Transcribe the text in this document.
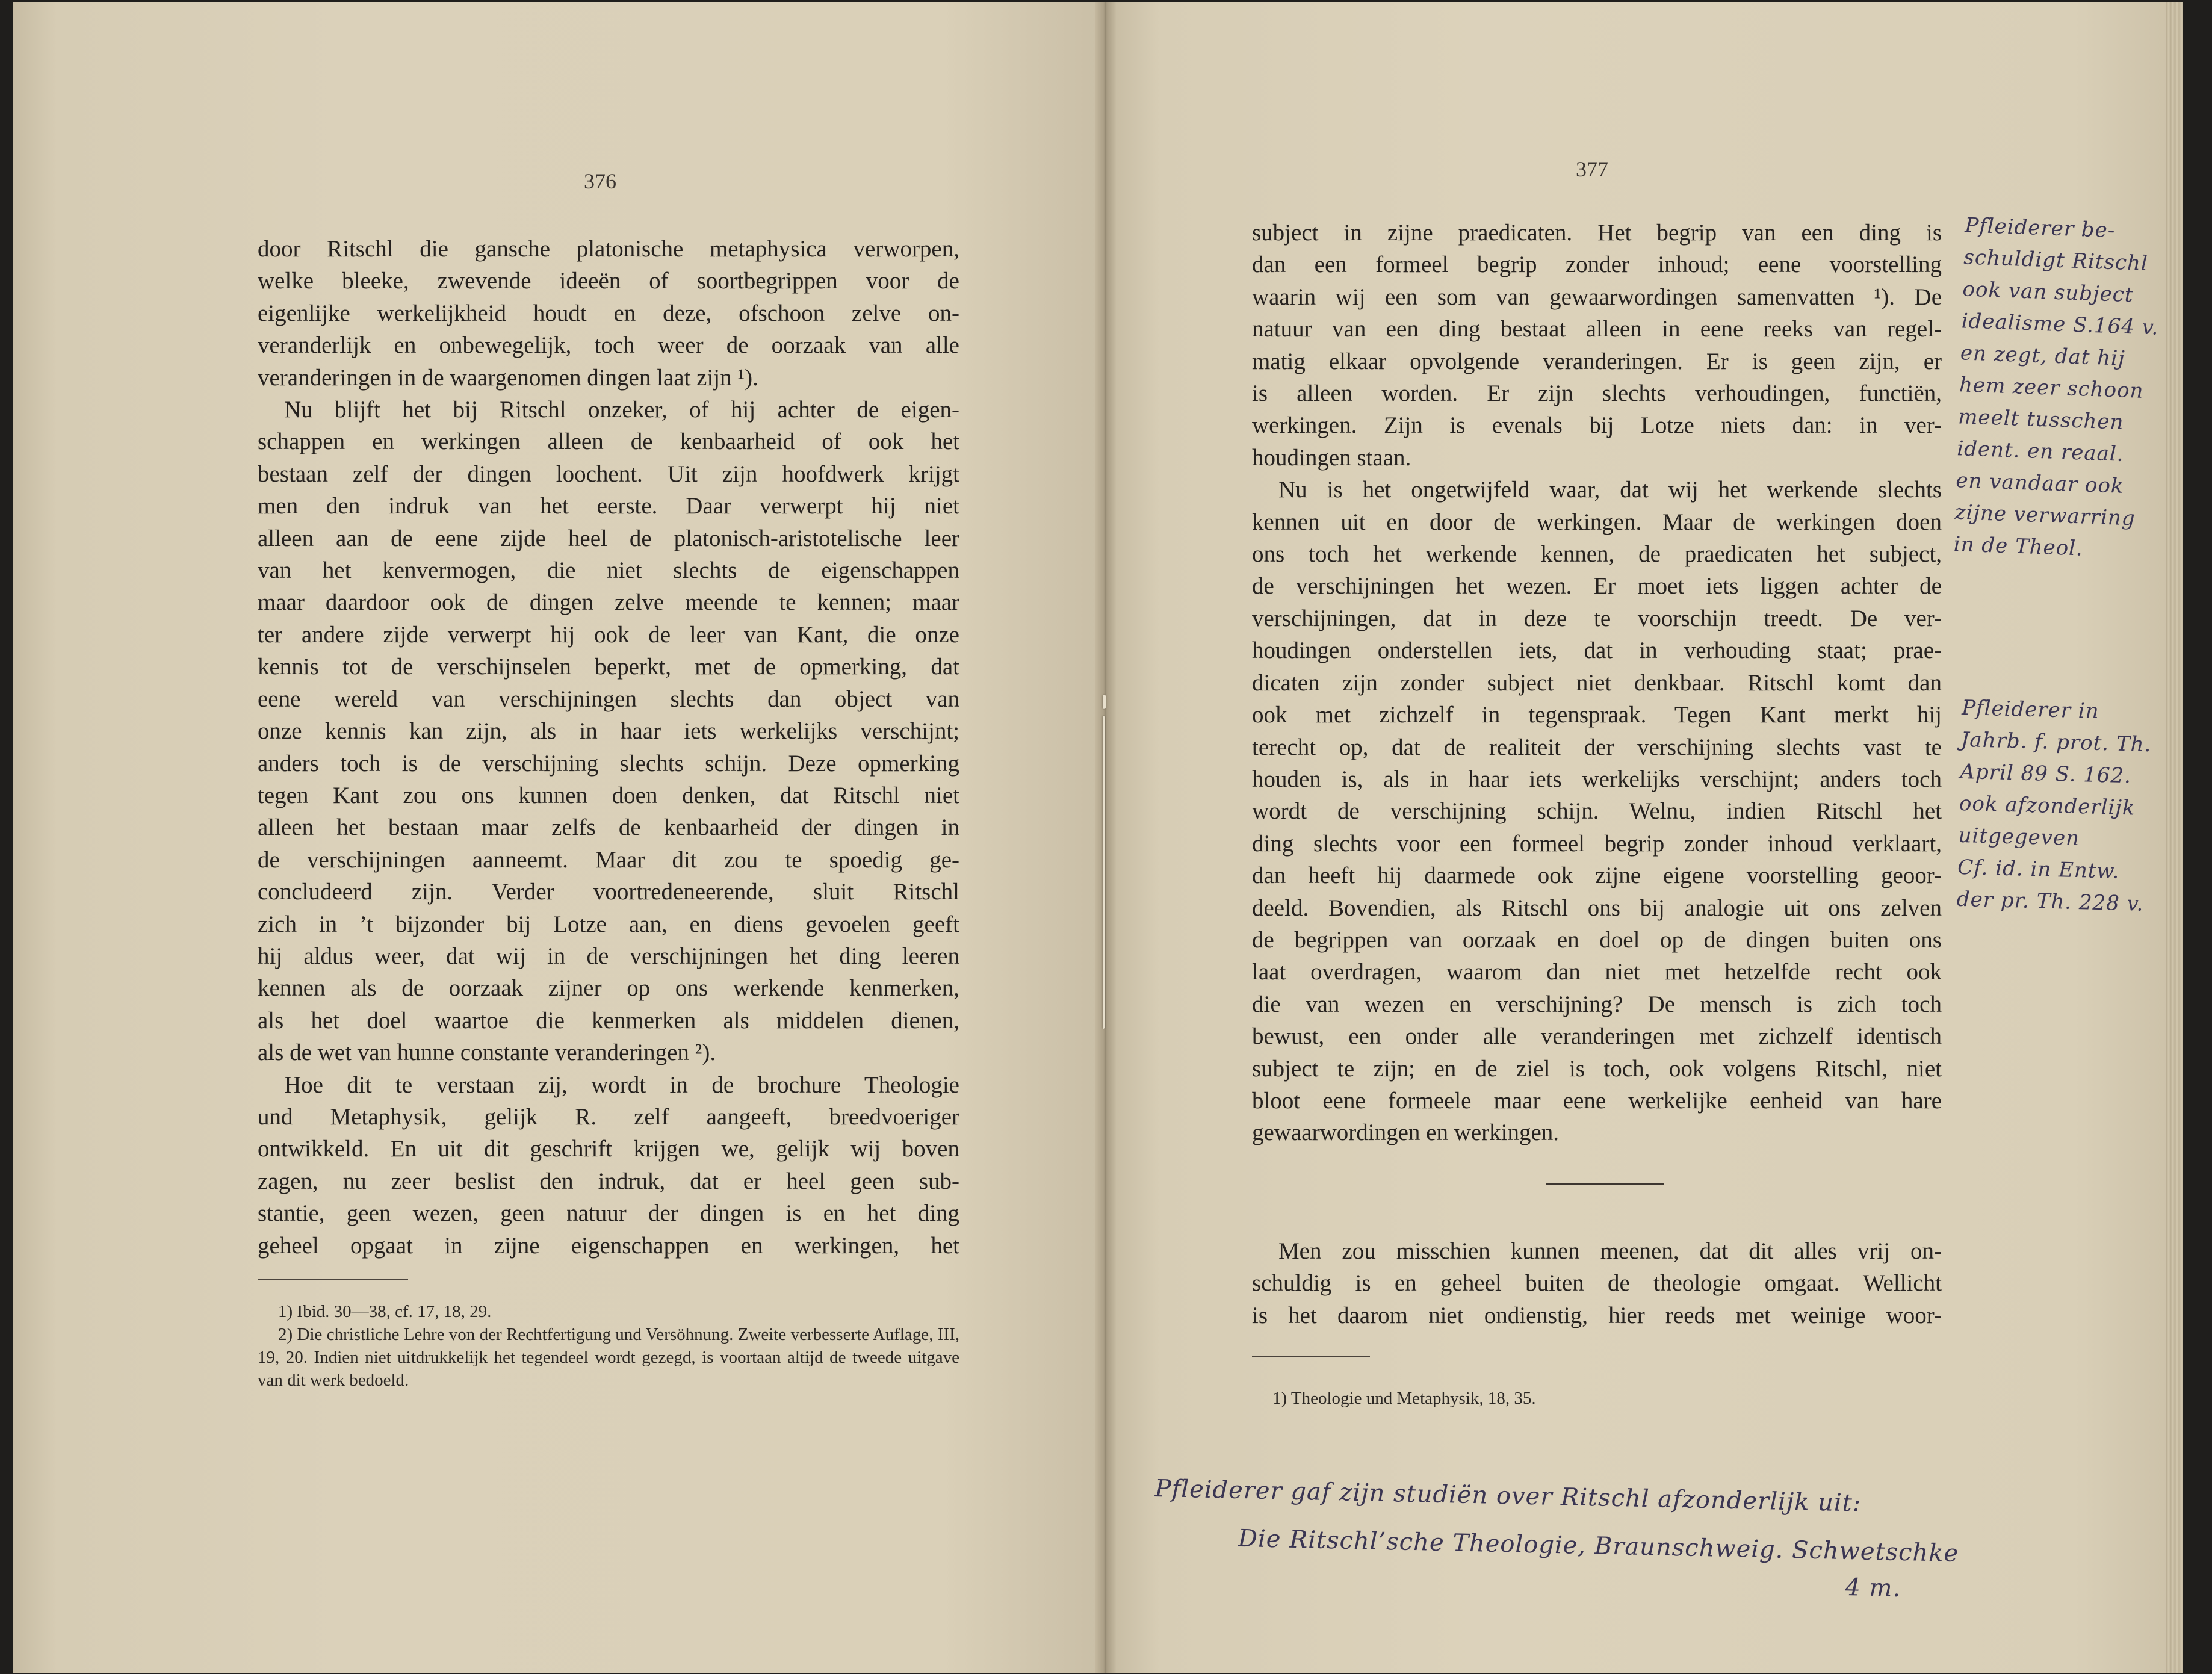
376

door Ritschl die gansche platonische metaphysica verworpen,

welke bleeke, zwevende ideeën of soortbegrippen voor de

eigenlijke werkelijkheid houdt en deze, ofschoon zelve on-

veranderlijk en onbewegelijk, toch weer de oorzaak van alle

veranderingen in de waargenomen dingen laat zijn ¹).

Nu blijft het bij Ritschl onzeker, of hij achter de eigen-

schappen en werkingen alleen de kenbaarheid of ook het

bestaan zelf der dingen loochent. Uit zijn hoofdwerk krijgt

men den indruk van het eerste. Daar verwerpt hij niet

alleen aan de eene zijde heel de platonisch-aristotelische leer

van het kenvermogen, die niet slechts de eigenschappen

maar daardoor ook de dingen zelve meende te kennen; maar

ter andere zijde verwerpt hij ook de leer van Kant, die onze

kennis tot de verschijnselen beperkt, met de opmerking, dat

eene wereld van verschijningen slechts dan object van

onze kennis kan zijn, als in haar iets werkelijks verschijnt;

anders toch is de verschijning slechts schijn. Deze opmerking

tegen Kant zou ons kunnen doen denken, dat Ritschl niet

alleen het bestaan maar zelfs de kenbaarheid der dingen in

de verschijningen aanneemt. Maar dit zou te spoedig ge-

concludeerd zijn. Verder voortredeneerende, sluit Ritschl

zich in ’t bijzonder bij Lotze aan, en diens gevoelen geeft

hij aldus weer, dat wij in de verschijningen het ding leeren

kennen als de oorzaak zijner op ons werkende kenmerken,

als het doel waartoe die kenmerken als middelen dienen,

als de wet van hunne constante veranderingen ²).

Hoe dit te verstaan zij, wordt in de brochure Theologie

und Metaphysik, gelijk R. zelf aangeeft, breedvoeriger

ontwikkeld. En uit dit geschrift krijgen we, gelijk wij boven

zagen, nu zeer beslist den indruk, dat er heel geen sub-

stantie, geen wezen, geen natuur der dingen is en het ding

geheel opgaat in zijne eigenschappen en werkingen, het

1) Ibid. 30—38, cf. 17, 18, 29.

2) Die christliche Lehre von der Rechtfertigung und Versöhnung. Zweite verbesserte Auflage, III, 19, 20. Indien niet uitdrukkelijk het tegendeel wordt gezegd, is voortaan altijd de tweede uitgave van dit werk bedoeld.

377

subject in zijne praedicaten. Het begrip van een ding is

dan een formeel begrip zonder inhoud; eene voorstelling

waarin wij een som van gewaarwordingen samenvatten ¹). De

natuur van een ding bestaat alleen in eene reeks van regel-

matig elkaar opvolgende veranderingen. Er is geen zijn, er

is alleen worden. Er zijn slechts verhoudingen, functiën,

werkingen. Zijn is evenals bij Lotze niets dan: in ver-

houdingen staan.

Nu is het ongetwijfeld waar, dat wij het werkende slechts

kennen uit en door de werkingen. Maar de werkingen doen

ons toch het werkende kennen, de praedicaten het subject,

de verschijningen het wezen. Er moet iets liggen achter de

verschijningen, dat in deze te voorschijn treedt. De ver-

houdingen onderstellen iets, dat in verhouding staat; prae-

dicaten zijn zonder subject niet denkbaar. Ritschl komt dan

ook met zichzelf in tegenspraak. Tegen Kant merkt hij

terecht op, dat de realiteit der verschijning slechts vast te

houden is, als in haar iets werkelijks verschijnt; anders toch

wordt de verschijning schijn. Welnu, indien Ritschl het

ding slechts voor een formeel begrip zonder inhoud verklaart,

dan heeft hij daarmede ook zijne eigene voorstelling geoor-

deeld. Bovendien, als Ritschl ons bij analogie uit ons zelven

de begrippen van oorzaak en doel op de dingen buiten ons

laat overdragen, waarom dan niet met hetzelfde recht ook

die van wezen en verschijning? De mensch is zich toch

bewust, een onder alle veranderingen met zichzelf identisch

subject te zijn; en de ziel is toch, ook volgens Ritschl, niet

bloot eene formeele maar eene werkelijke eenheid van hare

gewaarwordingen en werkingen.

Men zou misschien kunnen meenen, dat dit alles vrij on-

schuldig is en geheel buiten de theologie omgaat. Wellicht

is het daarom niet ondienstig, hier reeds met weinige woor-

1) Theologie und Metaphysik, 18, 35.

Pfleiderer be-
schuldigt Ritschl
ook van subject
idealisme S.164 v.
en zegt, dat hij
hem zeer schoon
meelt tusschen
ident. en reaal.
en vandaar ook
zijne verwarring
in de Theol.
Pfleiderer in
Jahrb. f. prot. Th.
April 89 S. 162.
ook afzonderlijk
uitgegeven
Cf. id. in Entw.
der pr. Th. 228 v.
Pfleiderer gaf zijn studiën over Ritschl afzonderlijk uit:
Die Ritschl’sche Theologie, Braunschweig. Schwetschke
4 m.
